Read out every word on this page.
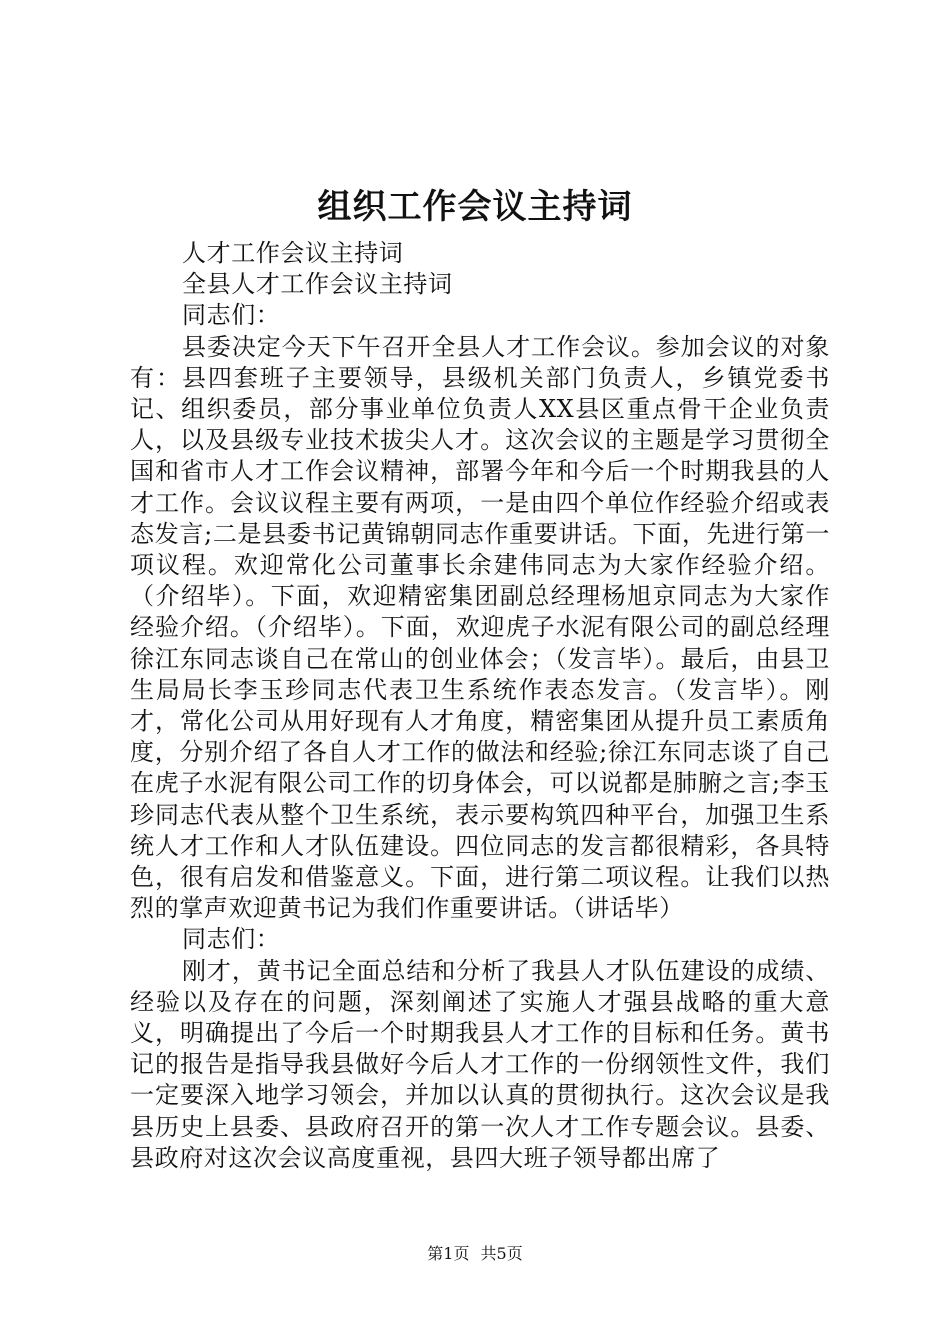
组织工作会议主持词

人才工作会议主持词

全县人才工作会议主持词

同志们：

县委决定今天下午召开全县人才工作会议。参加会议的对象有：县四套班子主要领导，县级机关部门负责人，乡镇党委书记、组织委员，部分事业单位负责人XX县区重点骨干企业负责人，以及县级专业技术拔尖人才。这次会议的主题是学习贯彻全国和省市人才工作会议精神，部署今年和今后一个时期我县的人才工作。会议议程主要有两项，一是由四个单位作经验介绍或表态发言;二是县委书记黄锦朝同志作重要讲话。下面，先进行第一项议程。欢迎常化公司董事长余建伟同志为大家作经验介绍。（介绍毕）。下面，欢迎精密集团副总经理杨旭京同志为大家作经验介绍。（介绍毕）。下面，欢迎虎子水泥有限公司的副总经理徐江东同志谈自己在常山的创业体会；（发言毕）。最后，由县卫生局局长李玉珍同志代表卫生系统作表态发言。（发言毕）。刚才，常化公司从用好现有人才角度，精密集团从提升员工素质角度，分别介绍了各自人才工作的做法和经验;徐江东同志谈了自己在虎子水泥有限公司工作的切身体会，可以说都是肺腑之言;李玉珍同志代表从整个卫生系统，表示要构筑四种平台，加强卫生系统人才工作和人才队伍建设。四位同志的发言都很精彩，各具特色，很有启发和借鉴意义。下面，进行第二项议程。让我们以热烈的掌声欢迎黄书记为我们作重要讲话。（讲话毕）

同志们：

刚才，黄书记全面总结和分析了我县人才队伍建设的成绩、经验以及存在的问题，深刻阐述了实施人才强县战略的重大意义，明确提出了今后一个时期我县人才工作的目标和任务。黄书记的报告是指导我县做好今后人才工作的一份纲领性文件，我们一定要深入地学习领会，并加以认真的贯彻执行。这次会议是我县历史上县委、县政府召开的第一次人才工作专题会议。县委、县政府对这次会议高度重视，县四大班子领导都出席了

第1页 共5页
